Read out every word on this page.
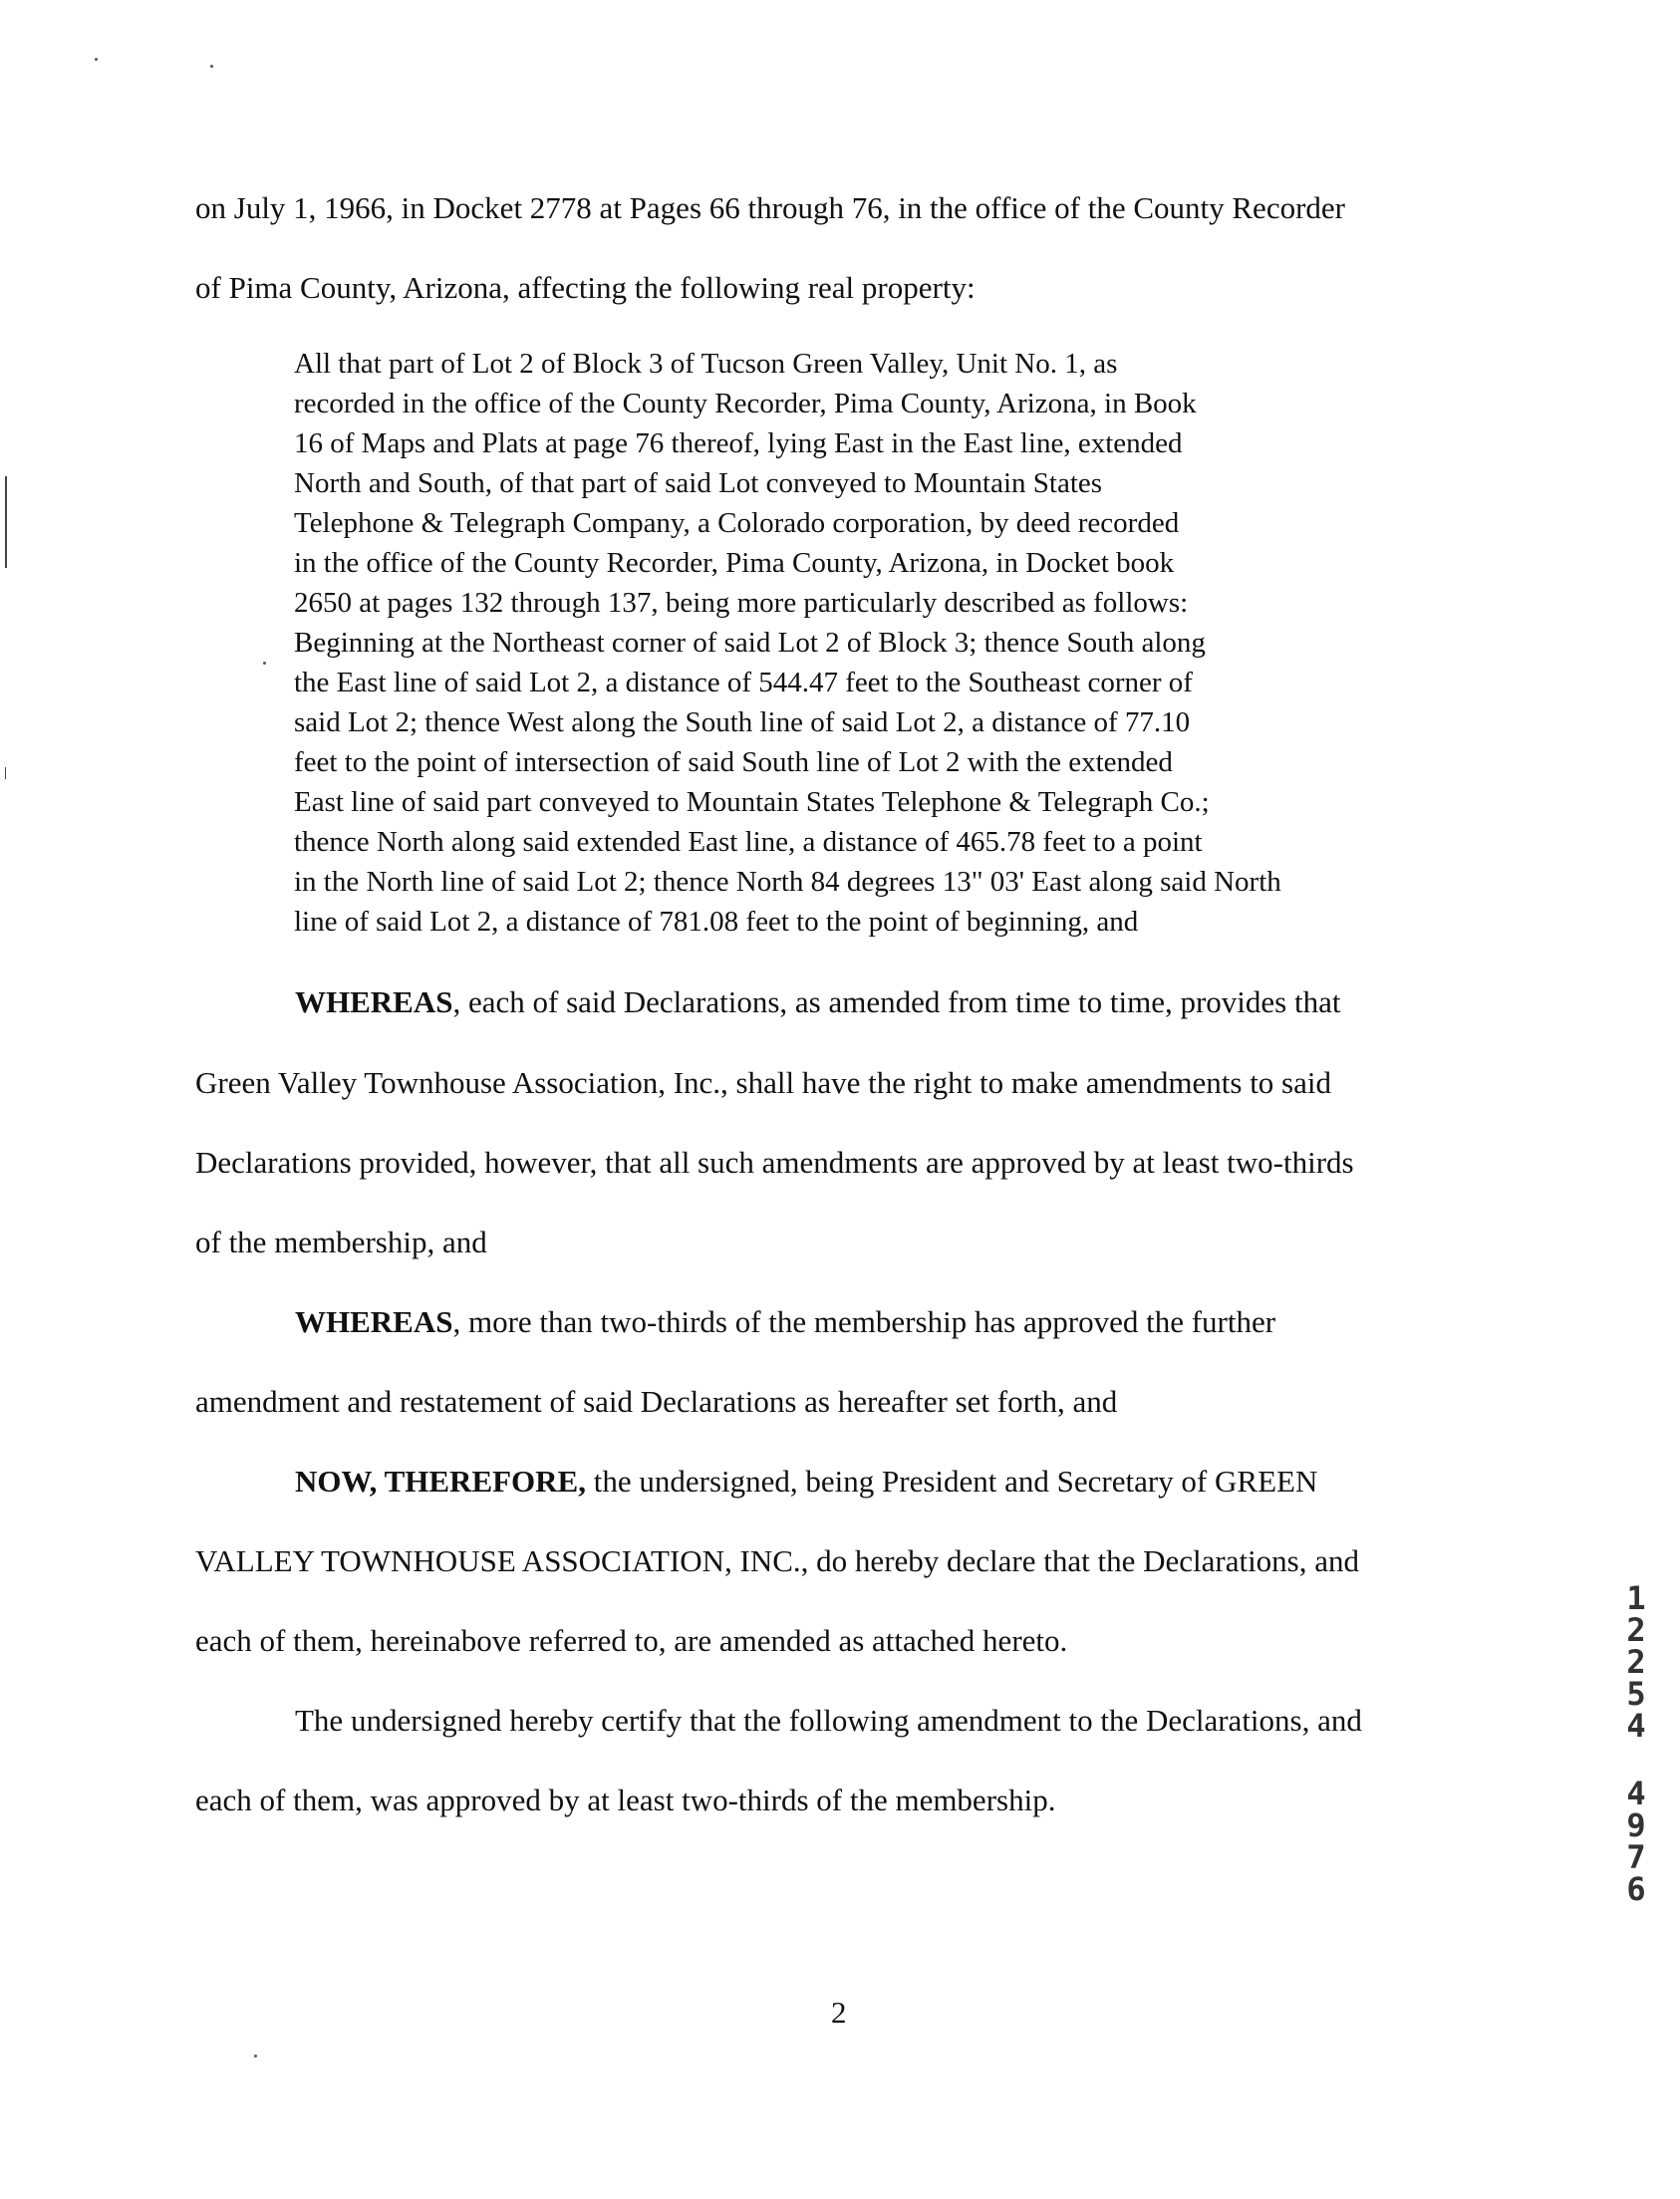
on July 1, 1966, in Docket 2778 at Pages 66 through 76, in the office of the County Recorder
of Pima County, Arizona, affecting the following real property:
All that part of Lot 2 of Block 3 of Tucson Green Valley, Unit No. 1, as
recorded in the office of the County Recorder, Pima County, Arizona, in Book
16 of Maps and Plats at page 76 thereof, lying East in the East line, extended
North and South, of that part of said Lot conveyed to Mountain States
Telephone & Telegraph Company, a Colorado corporation, by deed recorded
in the office of the County Recorder, Pima County, Arizona, in Docket book
2650 at pages 132 through 137, being more particularly described as follows:
Beginning at the Northeast corner of said Lot 2 of Block 3; thence South along
the East line of said Lot 2, a distance of 544.47 feet to the Southeast corner of
said Lot 2; thence West along the South line of said Lot 2, a distance of 77.10
feet to the point of intersection of said South line of Lot 2 with the extended
East line of said part conveyed to Mountain States Telephone & Telegraph Co.;
thence North along said extended East line, a distance of 465.78 feet to a point
in the North line of said Lot 2; thence North 84 degrees 13" 03' East along said North
line of said Lot 2, a distance of 781.08 feet to the point of beginning, and
WHEREAS, each of said Declarations, as amended from time to time, provides that
Green Valley Townhouse Association, Inc., shall have the right to make amendments to said
Declarations provided, however, that all such amendments are approved by at least two-thirds
of the membership, and
WHEREAS, more than two-thirds of the membership has approved the further
amendment and restatement of said Declarations as hereafter set forth, and
NOW, THEREFORE, the undersigned, being President and Secretary of GREEN
VALLEY TOWNHOUSE ASSOCIATION, INC., do hereby declare that the Declarations, and
each of them, hereinabove referred to, are amended as attached hereto.
The undersigned hereby certify that the following amendment to the Declarations, and
each of them, was approved by at least two-thirds of the membership.
2
1
2
2
5
4
4
9
7
6
